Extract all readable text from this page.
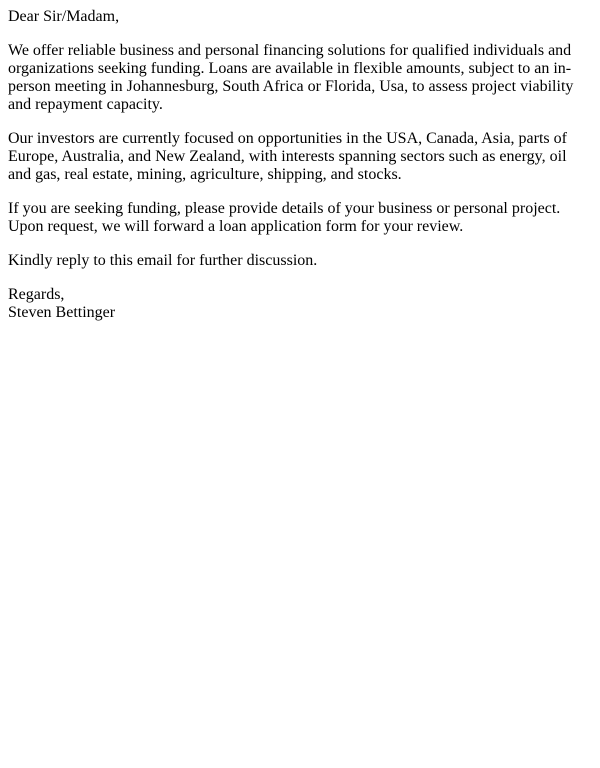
Dear Sir/Madam,

We offer reliable business and personal financing solutions for qualified individuals and organizations seeking funding. Loans are available in flexible amounts, subject to an in-person meeting in Johannesburg, South Africa or Florida, Usa, to assess project viability and repayment capacity.

Our investors are currently focused on opportunities in the USA, Canada, Asia, parts of Europe, Australia, and New Zealand, with interests spanning sectors such as energy, oil and gas, real estate, mining, agriculture, shipping, and stocks.

If you are seeking funding, please provide details of your business or personal project. Upon request, we will forward a loan application form for your review.

Kindly reply to this email for further discussion.

Regards,
Steven Bettinger
